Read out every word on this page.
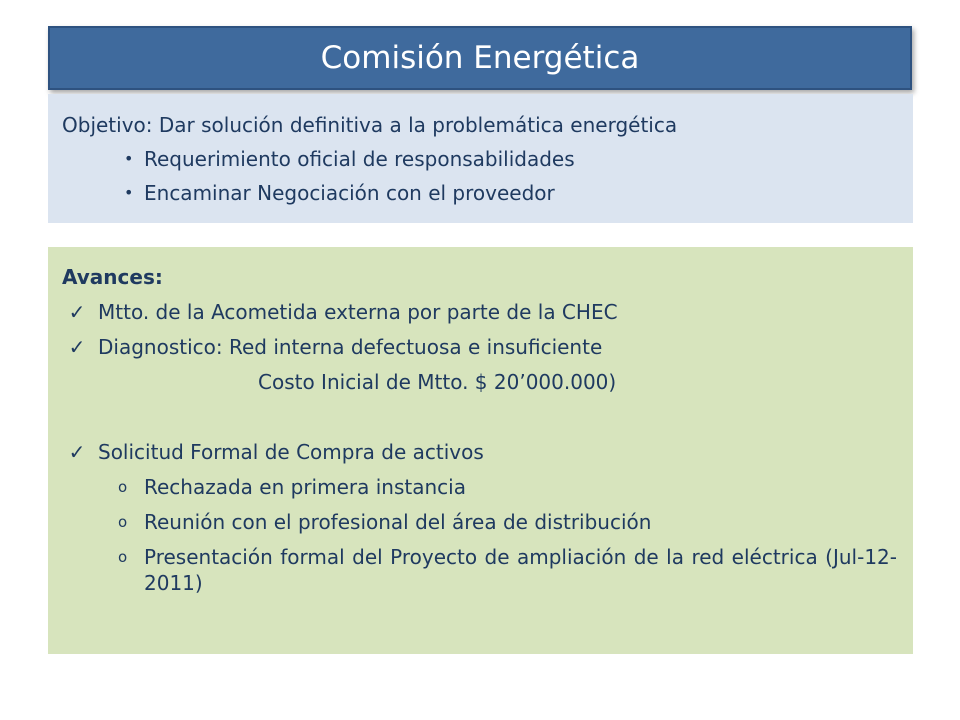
Comisión Energética
Objetivo: Dar solución definitiva a la problemática energética
• Requerimiento oficial de responsabilidades
• Encaminar Negociación con el proveedor
Avances:
✓ Mtto. de la Acometida externa por parte de la CHEC
✓ Diagnostico: Red interna defectuosa e insuficiente
Costo Inicial de Mtto. $ 20’000.000)
✓ Solicitud Formal de Compra de activos
o Rechazada en primera instancia
o Reunión con el profesional del área de distribución
o Presentación formal del Proyecto de ampliación de la red eléctrica (Jul-12-2011)
